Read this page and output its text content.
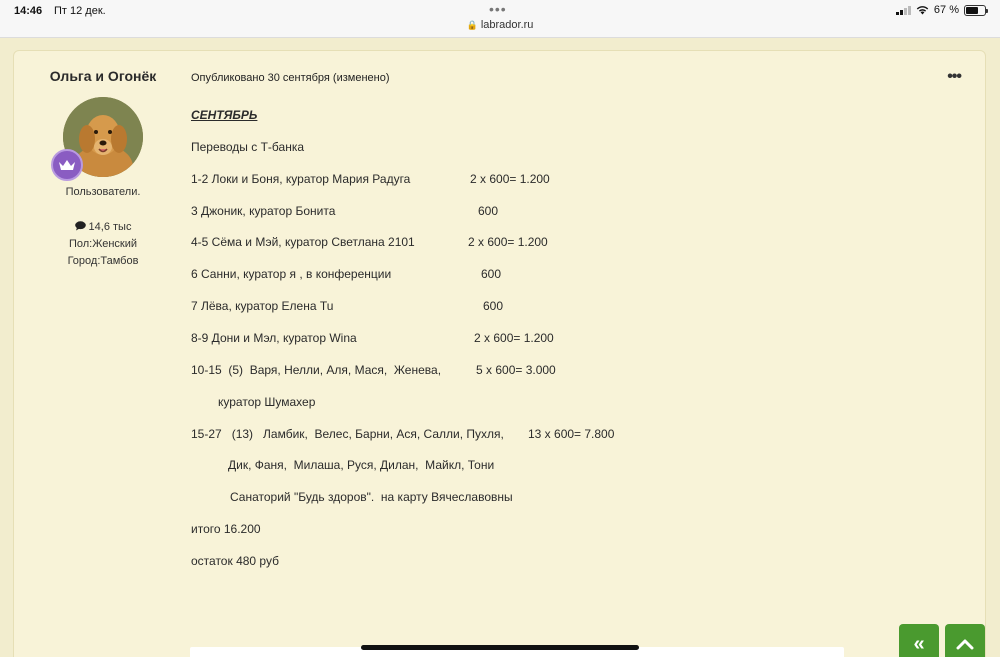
14:46 Пт 12 дек.	•••
🔒 labrador.ru
67 %
Ольга и Огонёк
Пользователи.
14,6 тыс
Пол:Женский
Город:Тамбов
Опубликовано 30 сентября (изменено)	•••
СЕНТЯБРЬ
Переводы с Т-банка
1-2 Локи и Боня, куратор Мария Радуга	2 х 600= 1.200
3 Джоник, куратор Бонита	600
4-5 Сёма и Мэй, куратор Светлана 2101	2 х 600= 1.200
6 Санни, куратор я , в конференции	600
7 Лёва, куратор Елена Tu	600
8-9 Дони и Мэл, куратор Wina	2 х 600= 1.200
10-15  (5)  Варя, Нелли, Аля, Мася,  Женева,	5 х 600= 3.000
куратор Шумахер
15-27   (13)   Ламбик,  Велес, Барни, Ася, Салли, Пухля, 13 х 600= 7.800
Дик, Фаня,  Милаша, Руся, Дилан,  Майкл, Тони
Санаторий "Будь здоров".  на карту Вячеславовны
итого 16.200
остаток 480 руб
«
